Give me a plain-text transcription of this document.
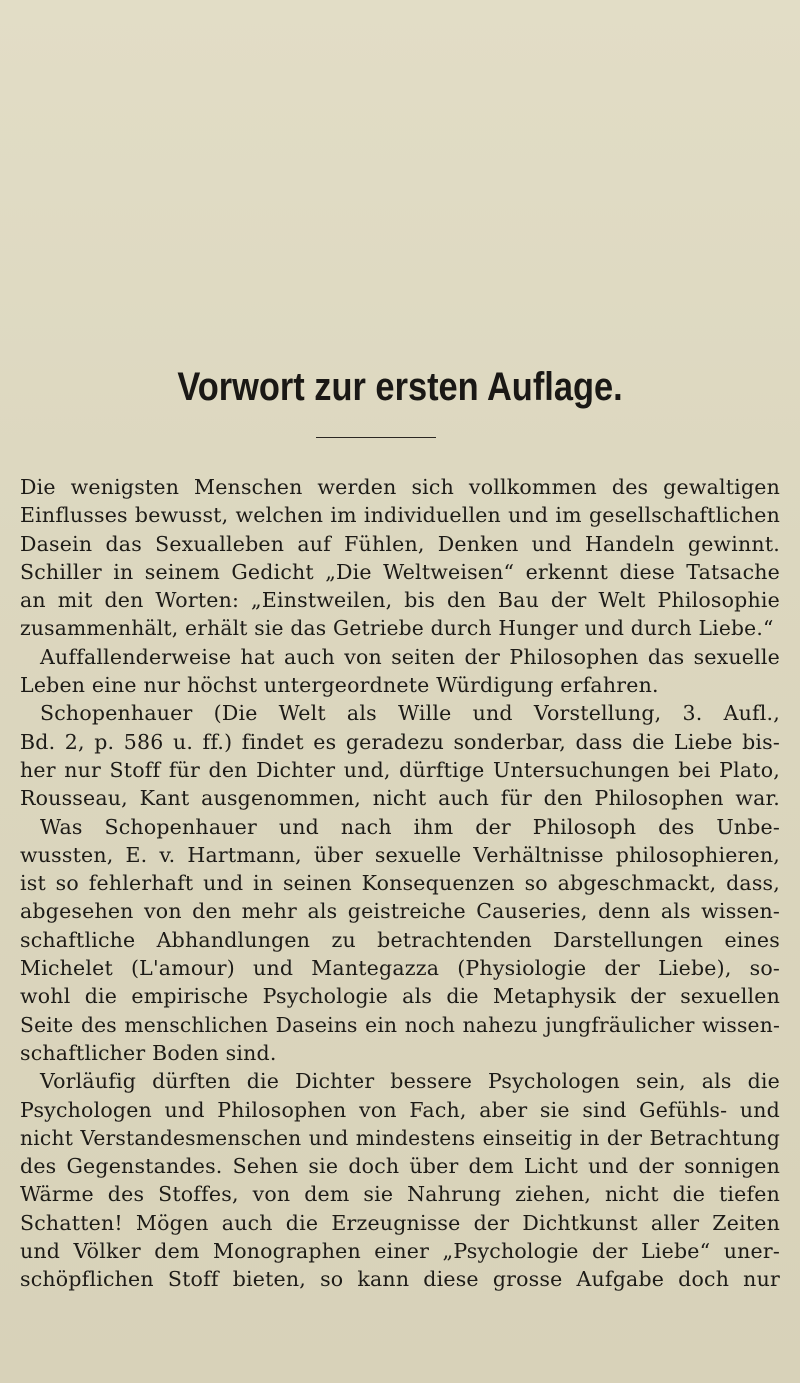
Vorwort zur ersten Auflage.
Die wenigsten Menschen werden sich vollkommen des gewaltigen
Einflusses bewusst, welchen im individuellen und im gesellschaftlichen
Dasein das Sexualleben auf Fühlen, Denken und Handeln gewinnt.
Schiller in seinem Gedicht „Die Weltweisen“ erkennt diese Tatsache
an mit den Worten: „Einstweilen, bis den Bau der Welt Philosophie
zusammenhält, erhält sie das Getriebe durch Hunger und durch Liebe.“
Auffallenderweise hat auch von seiten der Philosophen das sexuelle
Leben eine nur höchst untergeordnete Würdigung erfahren.
Schopenhauer (Die Welt als Wille und Vorstellung, 3. Aufl.,
Bd. 2, p. 586 u. ff.) findet es geradezu sonderbar, dass die Liebe bis-
her nur Stoff für den Dichter und, dürftige Untersuchungen bei Plato,
Rousseau, Kant ausgenommen, nicht auch für den Philosophen war.
Was Schopenhauer und nach ihm der Philosoph des Unbe-
wussten, E. v. Hartmann, über sexuelle Verhältnisse philosophieren,
ist so fehlerhaft und in seinen Konsequenzen so abgeschmackt, dass,
abgesehen von den mehr als geistreiche Causeries, denn als wissen-
schaftliche Abhandlungen zu betrachtenden Darstellungen eines
Michelet (L'amour) und Mantegazza (Physiologie der Liebe), so-
wohl die empirische Psychologie als die Metaphysik der sexuellen
Seite des menschlichen Daseins ein noch nahezu jungfräulicher wissen-
schaftlicher Boden sind.
Vorläufig dürften die Dichter bessere Psychologen sein, als die
Psychologen und Philosophen von Fach, aber sie sind Gefühls- und
nicht Verstandesmenschen und mindestens einseitig in der Betrachtung
des Gegenstandes. Sehen sie doch über dem Licht und der sonnigen
Wärme des Stoffes, von dem sie Nahrung ziehen, nicht die tiefen
Schatten! Mögen auch die Erzeugnisse der Dichtkunst aller Zeiten
und Völker dem Monographen einer „Psychologie der Liebe“ uner-
schöpflichen Stoff bieten, so kann diese grosse Aufgabe doch nur
